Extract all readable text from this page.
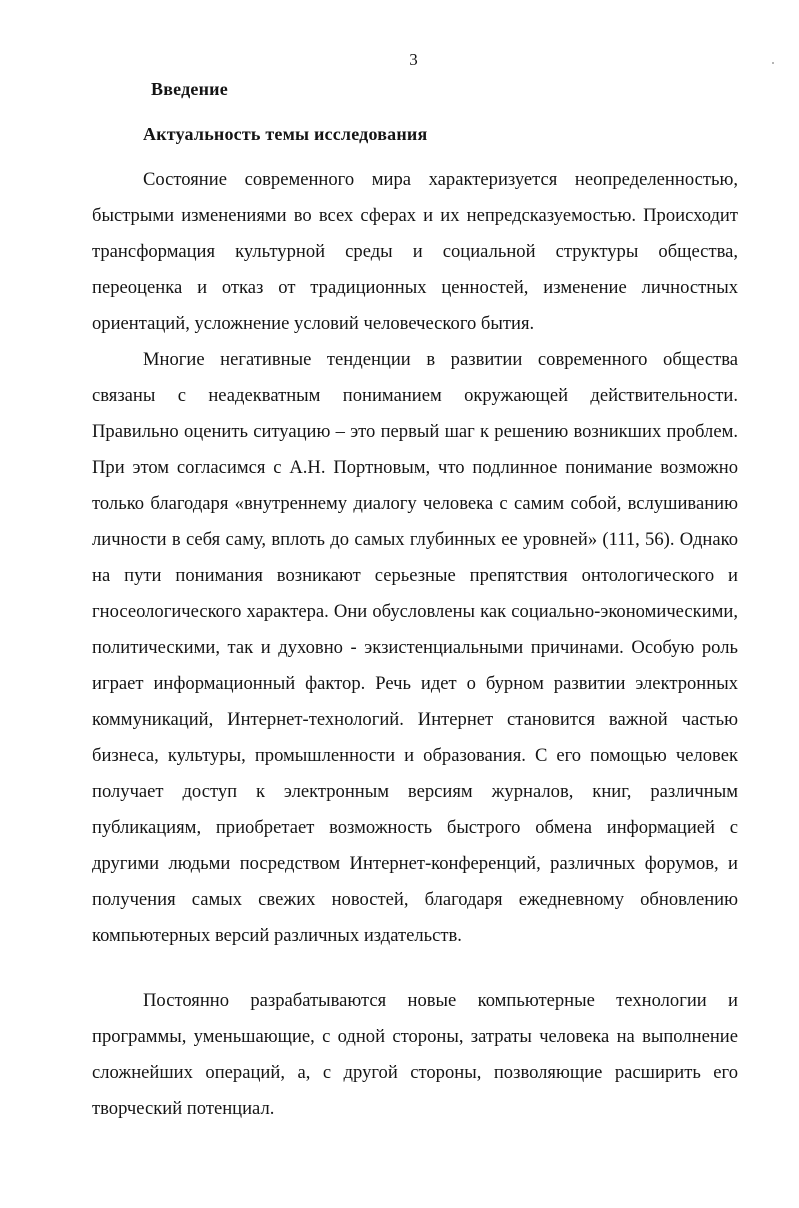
3
Введение
Актуальность темы исследования

Состояние современного мира характеризуется неопределенностью, быстрыми изменениями во всех сферах и их непредсказуемостью. Происходит трансформация культурной среды и социальной структуры общества, переоценка и отказ от традиционных ценностей, изменение личностных ориентаций, усложнение условий человеческого бытия.

Многие негативные тенденции в развитии современного общества связаны с неадекватным пониманием окружающей действительности. Правильно оценить ситуацию – это первый шаг к решению возникших проблем. При этом согласимся с А.Н. Портновым, что подлинное понимание возможно только благодаря «внутреннему диалогу человека с самим собой, вслушиванию личности в себя саму, вплоть до самых глубинных ее уровней» (111, 56). Однако на пути понимания возникают серьезные препятствия онтологического и гносеологического характера. Они обусловлены как социально-экономическими, политическими, так и духовно - экзистенциальными причинами. Особую роль играет информационный фактор. Речь идет о бурном развитии электронных коммуникаций, Интернет-технологий. Интернет становится важной частью бизнеса, культуры, промышленности и образования. С его помощью человек получает доступ к электронным версиям журналов, книг, различным публикациям, приобретает возможность быстрого обмена информацией с другими людьми посредством Интернет-конференций, различных форумов, и получения самых свежих новостей, благодаря ежедневному обновлению компьютерных версий различных издательств.

Постоянно разрабатываются новые компьютерные технологии и программы, уменьшающие, с одной стороны, затраты человека на выполнение сложнейших операций, а, с другой стороны, позволяющие расширить его творческий потенциал.
